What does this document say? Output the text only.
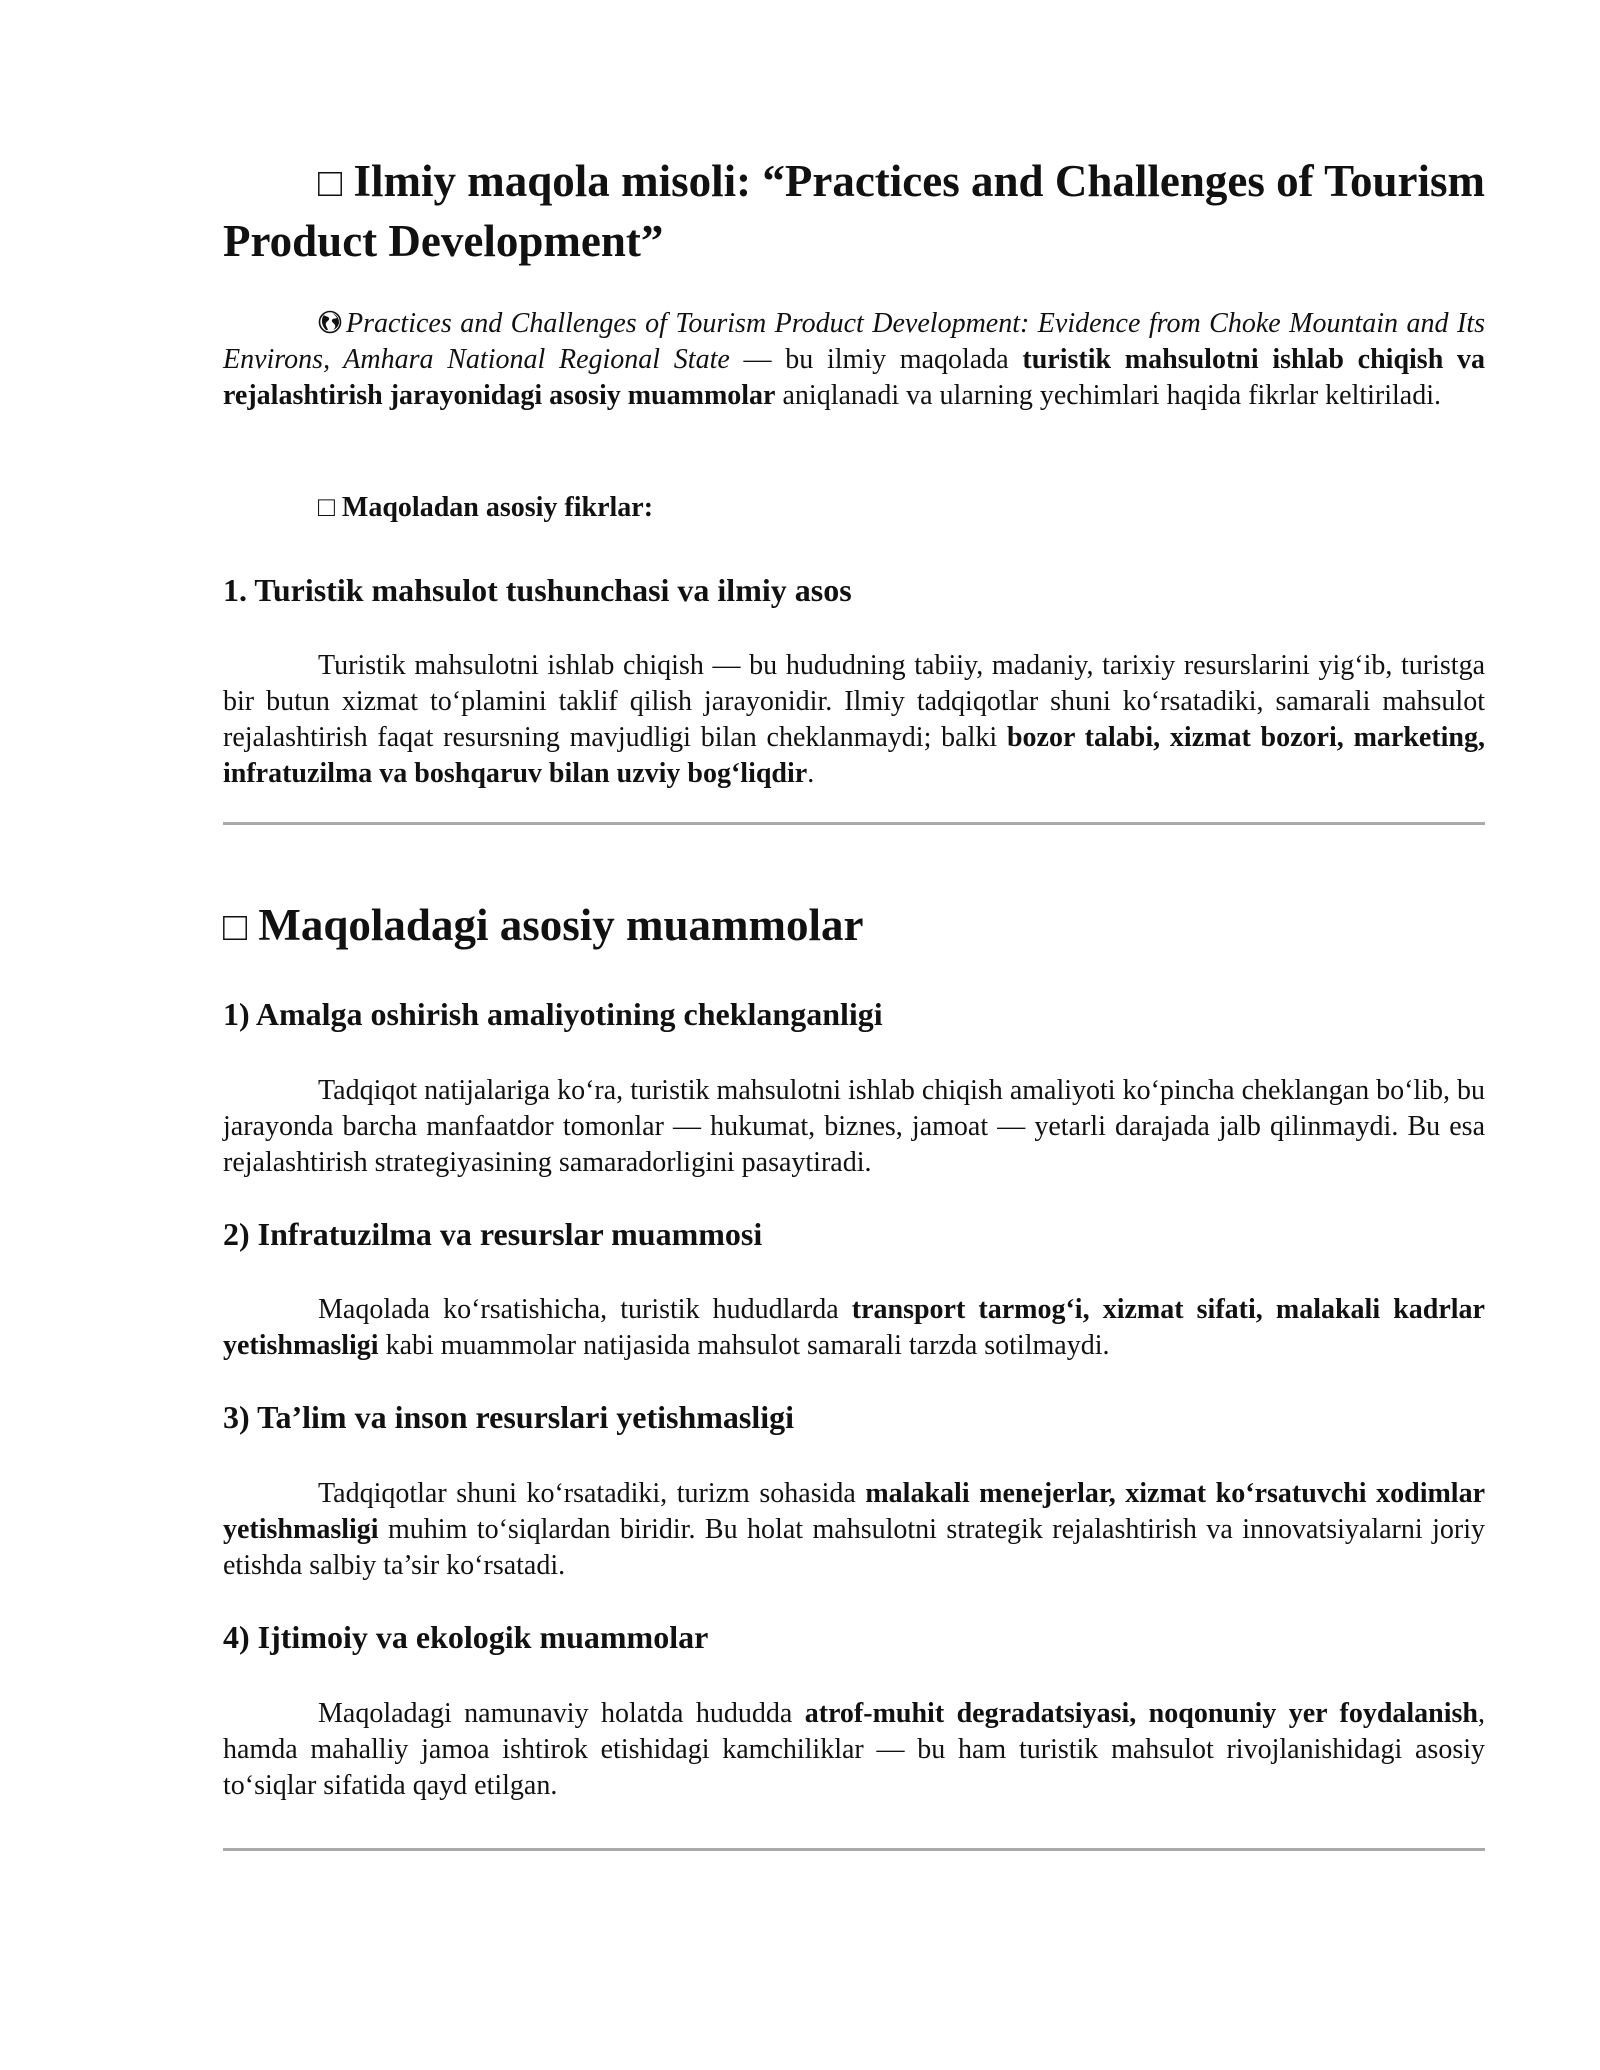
□ Ilmiy maqola misoli: “Practices and Challenges of Tourism Product Development”
Practices and Challenges of Tourism Product Development: Evidence from Choke Mountain and Its Environs, Amhara National Regional State — bu ilmiy maqolada turistik mahsulotni ishlab chiqish va rejalashtirish jarayonidagi asosiy muammolar aniqlanadi va ularning yechimlari haqida fikrlar keltiriladi.
□ Maqoladan asosiy fikrlar:
1. Turistik mahsulot tushunchasi va ilmiy asos
Turistik mahsulotni ishlab chiqish — bu hududning tabiiy, madaniy, tarixiy resurslarini yig‘ib, turistga bir butun xizmat to‘plamini taklif qilish jarayonidir. Ilmiy tadqiqotlar shuni ko‘rsatadiki, samarali mahsulot rejalashtirish faqat resursning mavjudligi bilan cheklanmaydi; balki bozor talabi, xizmat bozori, marketing, infratuzilma va boshqaruv bilan uzviy bog‘liqdir.
□ Maqoladagi asosiy muammolar
1) Amalga oshirish amaliyotining cheklanganligi
Tadqiqot natijalariga ko‘ra, turistik mahsulotni ishlab chiqish amaliyoti ko‘pincha cheklangan bo‘lib, bu jarayonda barcha manfaatdor tomonlar — hukumat, biznes, jamoat — yetarli darajada jalb qilinmaydi. Bu esa rejalashtirish strategiyasining samaradorligini pasaytiradi.
2) Infratuzilma va resurslar muammosi
Maqolada ko‘rsatishicha, turistik hududlarda transport tarmog‘i, xizmat sifati, malakali kadrlar yetishmasligi kabi muammolar natijasida mahsulot samarali tarzda sotilmaydi.
3) Ta’lim va inson resurslari yetishmasligi
Tadqiqotlar shuni ko‘rsatadiki, turizm sohasida malakali menejerlar, xizmat ko‘rsatuvchi xodimlar yetishmasligi muhim to‘siqlardan biridir. Bu holat mahsulotni strategik rejalashtirish va innovatsiyalarni joriy etishda salbiy ta’sir ko‘rsatadi.
4) Ijtimoiy va ekologik muammolar
Maqoladagi namunaviy holatda hududda atrof-muhit degradatsiyasi, noqonuniy yer foydalanish, hamda mahalliy jamoa ishtirok etishidagi kamchiliklar — bu ham turistik mahsulot rivojlanishidagi asosiy to‘siqlar sifatida qayd etilgan.
